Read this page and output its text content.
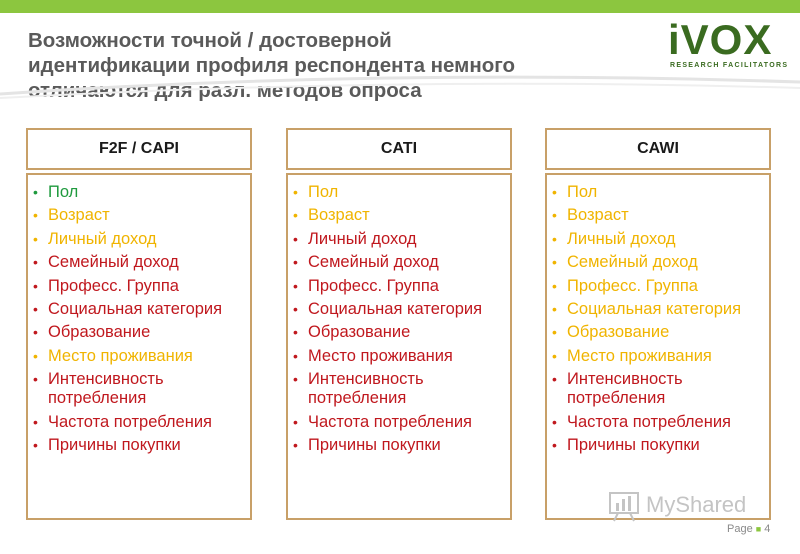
Возможности точной / достоверной
идентификации профиля респондента немного
отличаются для разл. методов опроса
iVOX
RESEARCH FACILITATORS
F2F / CAPI
• Пол
• Возраст
• Личный доход
• Семейный доход
• Професс. Группа
• Социальная категория
• Образование
• Место проживания
• Интенсивность потребления
• Частота потребления
• Причины покупки
CATI
• Пол
• Возраст
• Личный доход
• Семейный доход
• Професс. Группа
• Социальная категория
• Образование
• Место проживания
• Интенсивность потребления
• Частота потребления
• Причины покупки
CAWI
• Пол
• Возраст
• Личный доход
• Семейный доход
• Професс. Группа
• Социальная категория
• Образование
• Место проживания
• Интенсивность потребления
• Частота потребления
• Причины покупки
MyShared
Page ■ 4
